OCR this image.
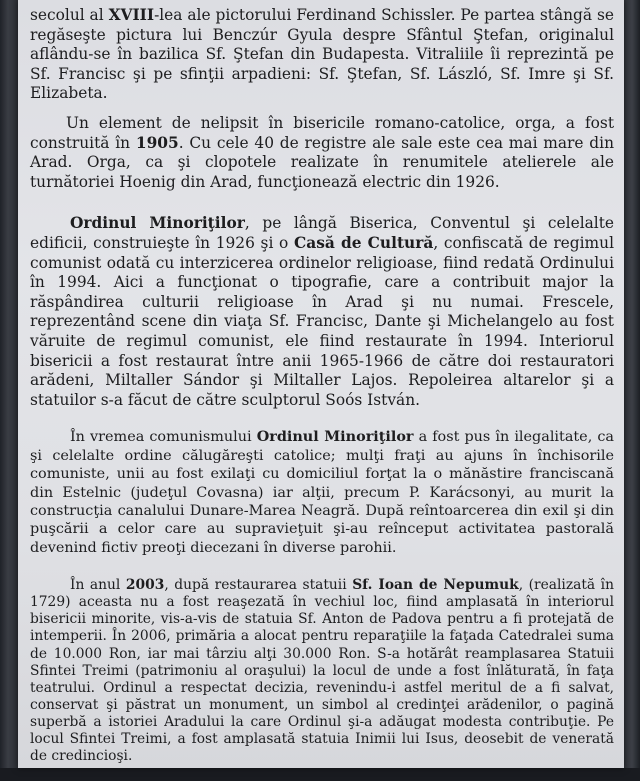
secolul al XVIII-lea ale pictorului Ferdinand Schissler. Pe partea stângă se regăseşte pictura lui Benczúr Gyula despre Sfântul Ştefan, originalul aflându-se în bazilica Sf. Ştefan din Budapesta. Vitraliile îi reprezintă pe Sf. Francisc şi pe sfinţii arpadieni: Sf. Ştefan, Sf. László, Sf. Imre şi Sf. Elizabeta.

Un element de nelipsit în bisericile romano-catolice, orga, a fost construită în 1905. Cu cele 40 de registre ale sale este cea mai mare din Arad. Orga, ca şi clopotele realizate în renumitele atelierele ale turnătoriei Hoenig din Arad, funcţionează electric din 1926.

Ordinul Minoriţilor, pe lângă Biserica, Conventul şi celelalte edificii, construieşte în 1926 şi o Casă de Cultură, confiscată de regimul comunist odată cu interzicerea ordinelor religioase, fiind redată Ordinului în 1994. Aici a funcţionat o tipografie, care a contribuit major la răspândirea culturii religioase în Arad şi nu numai. Frescele, reprezentând scene din viaţa Sf. Francisc, Dante şi Michelangelo au fost văruite de regimul comunist, ele fiind restaurate în 1994. Interiorul bisericii a fost restaurat între anii 1965-1966 de către doi restauratori arădeni, Miltaller Sándor şi Miltaller Lajos. Repoleirea altarelor şi a statuilor s-a făcut de către sculptorul Soós István.

În vremea comunismului Ordinul Minoriţilor a fost pus în ilegalitate, ca şi celelalte ordine călugăreşti catolice; mulţi fraţi au ajuns în închisorile comuniste, unii au fost exilaţi cu domiciliul forţat la o mănăstire franciscană din Estelnic (judeţul Covasna) iar alţii, precum P. Karácsonyi, au murit la construcţia canalului Dunare-Marea Neagră. După reîntoarcerea din exil şi din puşcării a celor care au supravieţuit şi-au reînceput activitatea pastorală devenind fictiv preoţi diecezani în diverse parohii.

În anul 2003, după restaurarea statuii Sf. Ioan de Nepumuk, (realizată în 1729) aceasta nu a fost reaşezată în vechiul loc, fiind amplasată în interiorul bisericii minorite, vis-a-vis de statuia Sf. Anton de Padova pentru a fi protejată de intemperii. În 2006, primăria a alocat pentru reparaţiile la faţada Catedralei suma de 10.000 Ron, iar mai târziu alţi 30.000 Ron. S-a hotărât reamplasarea Statuii Sfintei Treimi (patrimoniu al oraşului) la locul de unde a fost înlăturată, în faţa teatrului. Ordinul a respectat decizia, revenindu-i astfel meritul de a fi salvat, conservat şi păstrat un monument, un simbol al credinţei arădenilor, o pagină superbă a istoriei Aradului la care Ordinul şi-a adăugat modesta contribuţie. Pe locul Sfintei Treimi, a fost amplasată statuia Inimii lui Isus, deosebit de venerată de credincioşi.
